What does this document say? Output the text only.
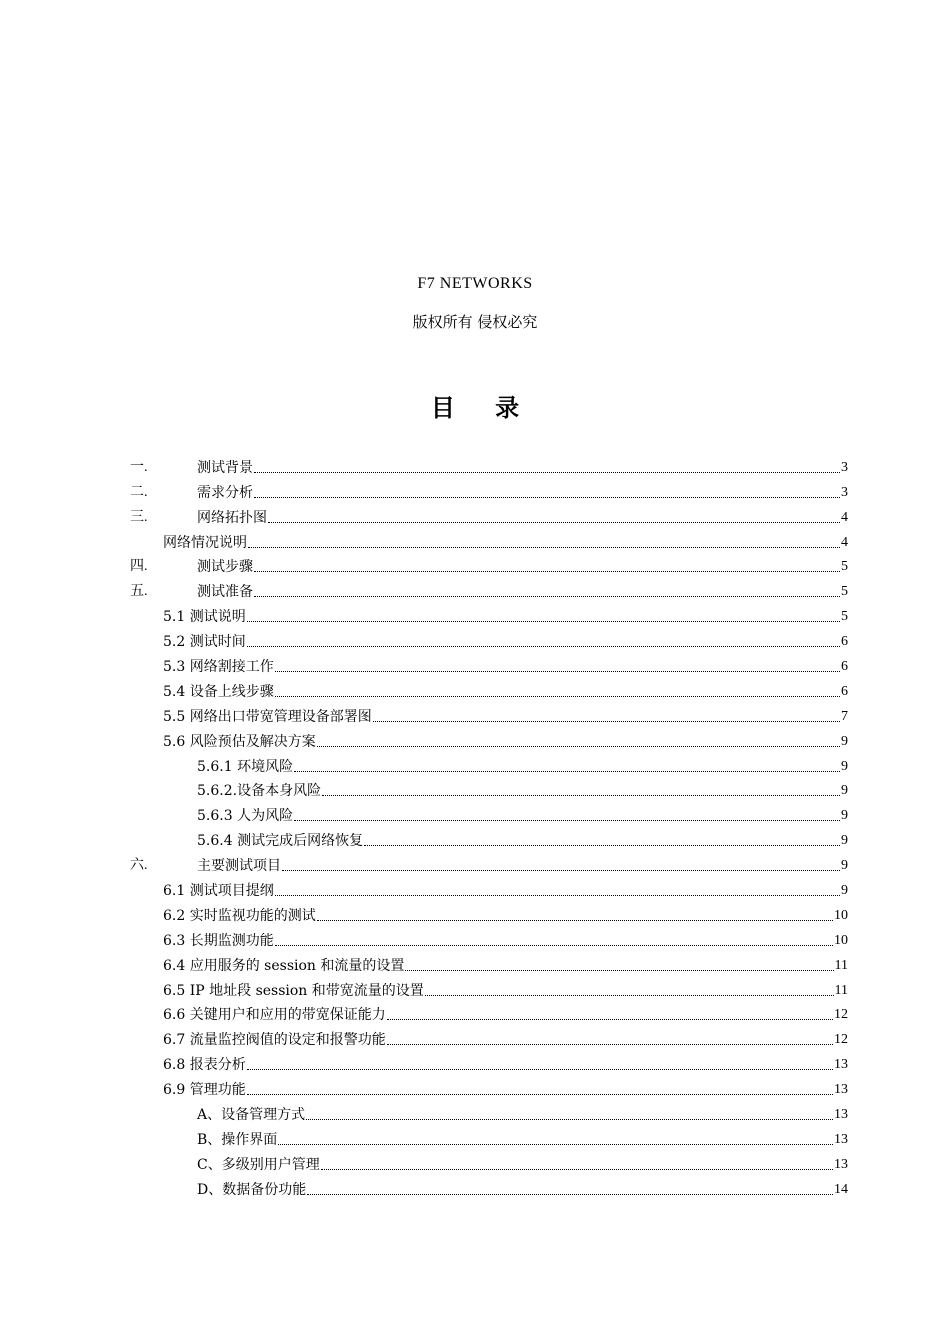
F7 NETWORKS
版权所有 侵权必究
目 录
一.	测试背景	3
二.	需求分析	3
三.	网络拓扑图	4
网络情况说明	4
四.	测试步骤	5
五.	测试准备	5
5.1 测试说明	5
5.2 测试时间	6
5.3 网络割接工作	6
5.4 设备上线步骤	6
5.5 网络出口带宽管理设备部署图	7
5.6 风险预估及解决方案	9
5.6.1 环境风险	9
5.6.2.设备本身风险	9
5.6.3 人为风险	9
5.6.4 测试完成后网络恢复	9
六.	主要测试项目	9
6.1 测试项目提纲	9
6.2 实时监视功能的测试	10
6.3 长期监测功能	10
6.4 应用服务的 session 和流量的设置	11
6.5 IP 地址段 session 和带宽流量的设置	11
6.6 关键用户和应用的带宽保证能力	12
6.7 流量监控阀值的设定和报警功能	12
6.8 报表分析	13
6.9 管理功能	13
A、设备管理方式	13
B、操作界面	13
C、多级别用户管理	13
D、数据备份功能	14
